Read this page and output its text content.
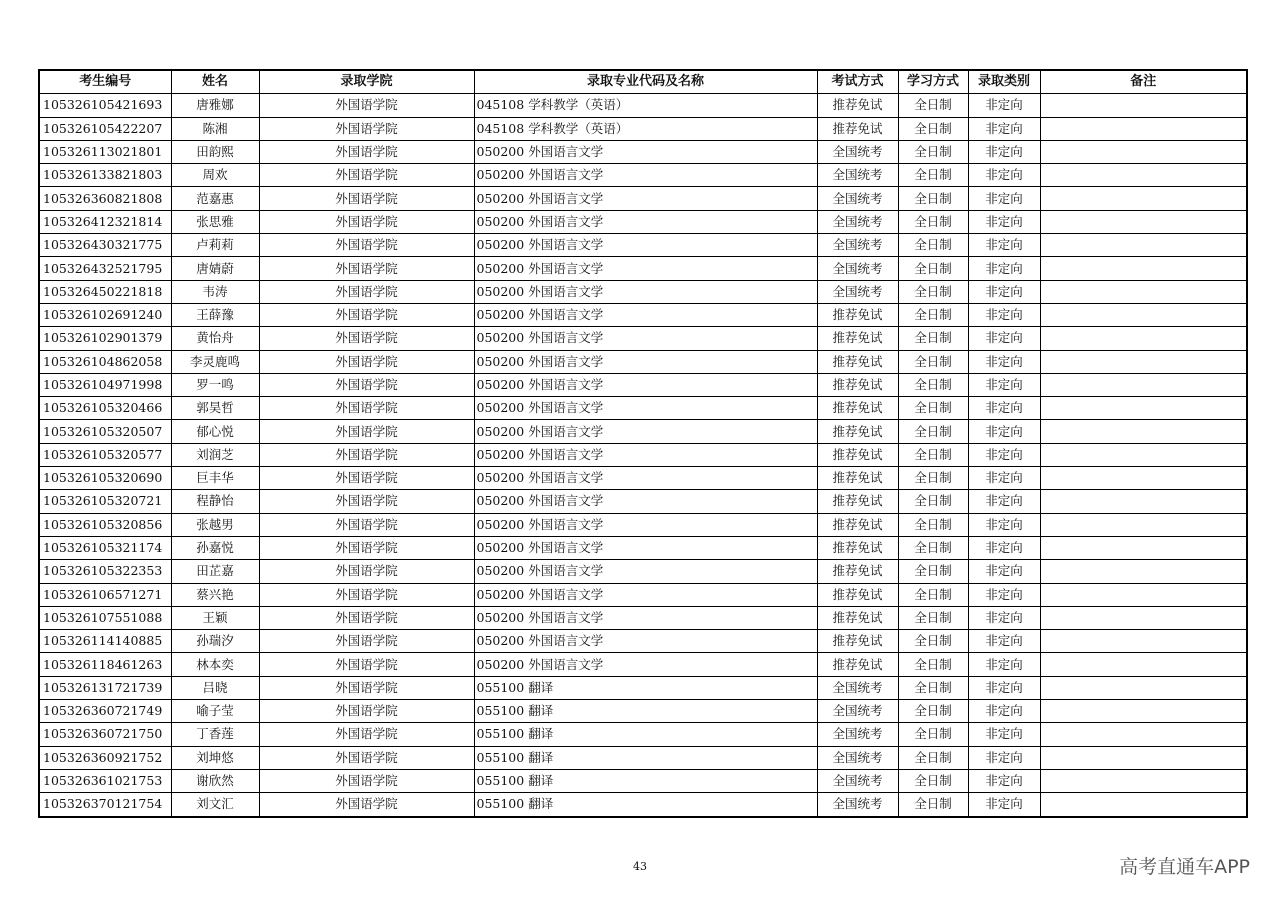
考生编号	姓名	录取学院	录取专业代码及名称	考试方式	学习方式	录取类别	备注
105326105421693	唐雅娜	外国语学院	045108 学科教学（英语）	推荐免试	全日制	非定向	
105326105422207	陈湘	外国语学院	045108 学科教学（英语）	推荐免试	全日制	非定向	
105326113021801	田韵熙	外国语学院	050200 外国语言文学	全国统考	全日制	非定向	
105326133821803	周欢	外国语学院	050200 外国语言文学	全国统考	全日制	非定向	
105326360821808	范嘉惠	外国语学院	050200 外国语言文学	全国统考	全日制	非定向	
105326412321814	张思雅	外国语学院	050200 外国语言文学	全国统考	全日制	非定向	
105326430321775	卢莉莉	外国语学院	050200 外国语言文学	全国统考	全日制	非定向	
105326432521795	唐婧蔚	外国语学院	050200 外国语言文学	全国统考	全日制	非定向	
105326450221818	韦涛	外国语学院	050200 外国语言文学	全国统考	全日制	非定向	
105326102691240	王薛豫	外国语学院	050200 外国语言文学	推荐免试	全日制	非定向	
105326102901379	黄怡舟	外国语学院	050200 外国语言文学	推荐免试	全日制	非定向	
105326104862058	李灵鹿鸣	外国语学院	050200 外国语言文学	推荐免试	全日制	非定向	
105326104971998	罗一鸣	外国语学院	050200 外国语言文学	推荐免试	全日制	非定向	
105326105320466	郭昊哲	外国语学院	050200 外国语言文学	推荐免试	全日制	非定向	
105326105320507	郁心悦	外国语学院	050200 外国语言文学	推荐免试	全日制	非定向	
105326105320577	刘润芝	外国语学院	050200 外国语言文学	推荐免试	全日制	非定向	
105326105320690	巨丰华	外国语学院	050200 外国语言文学	推荐免试	全日制	非定向	
105326105320721	程静怡	外国语学院	050200 外国语言文学	推荐免试	全日制	非定向	
105326105320856	张越男	外国语学院	050200 外国语言文学	推荐免试	全日制	非定向	
105326105321174	孙嘉悦	外国语学院	050200 外国语言文学	推荐免试	全日制	非定向	
105326105322353	田芷嘉	外国语学院	050200 外国语言文学	推荐免试	全日制	非定向	
105326106571271	蔡兴艳	外国语学院	050200 外国语言文学	推荐免试	全日制	非定向	
105326107551088	王颖	外国语学院	050200 外国语言文学	推荐免试	全日制	非定向	
105326114140885	孙瑞汐	外国语学院	050200 外国语言文学	推荐免试	全日制	非定向	
105326118461263	林本奕	外国语学院	050200 外国语言文学	推荐免试	全日制	非定向	
105326131721739	吕晓	外国语学院	055100 翻译	全国统考	全日制	非定向	
105326360721749	喻子莹	外国语学院	055100 翻译	全国统考	全日制	非定向	
105326360721750	丁香莲	外国语学院	055100 翻译	全国统考	全日制	非定向	
105326360921752	刘坤悠	外国语学院	055100 翻译	全国统考	全日制	非定向	
105326361021753	谢欣然	外国语学院	055100 翻译	全国统考	全日制	非定向	
105326370121754	刘文汇	外国语学院	055100 翻译	全国统考	全日制	非定向	
43	高考直通车APP
